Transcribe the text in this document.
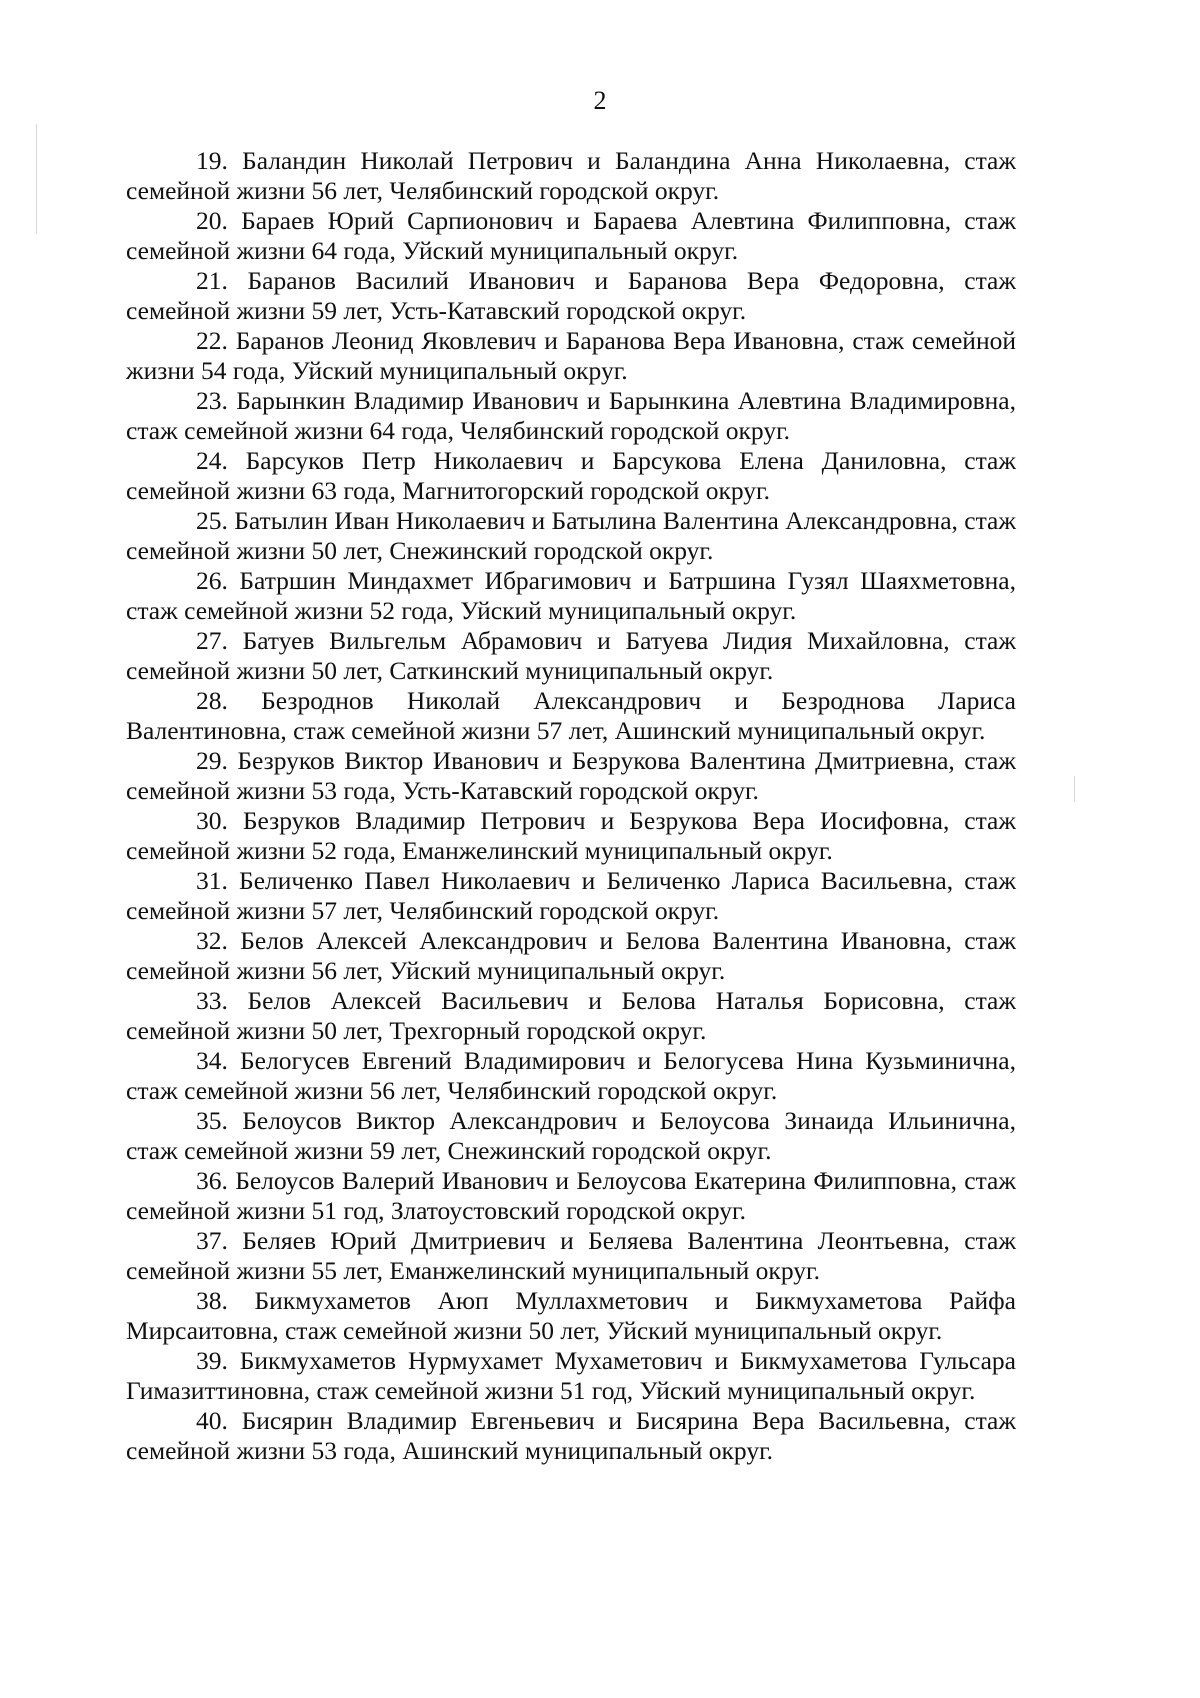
2

19. Баландин Николай Петрович и Баландина Анна Николаевна, стаж семейной жизни 56 лет, Челябинский городской округ.

20. Бараев Юрий Сарпионович и Бараева Алевтина Филипповна, стаж семейной жизни 64 года, Уйский муниципальный округ.

21. Баранов Василий Иванович и Баранова Вера Федоровна, стаж семейной жизни 59 лет, Усть-Катавский городской округ.

22. Баранов Леонид Яковлевич и Баранова Вера Ивановна, стаж семейной жизни 54 года, Уйский муниципальный округ.

23. Барынкин Владимир Иванович и Барынкина Алевтина Владимировна, стаж семейной жизни 64 года, Челябинский городской округ.

24. Барсуков Петр Николаевич и Барсукова Елена Даниловна, стаж семейной жизни 63 года, Магнитогорский городской округ.

25. Батылин Иван Николаевич и Батылина Валентина Александровна, стаж семейной жизни 50 лет, Снежинский городской округ.

26. Батршин Миндахмет Ибрагимович и Батршина Гузял Шаяхметовна, стаж семейной жизни 52 года, Уйский муниципальный округ.

27. Батуев Вильгельм Абрамович и Батуева Лидия Михайловна, стаж семейной жизни 50 лет, Саткинский муниципальный округ.

28. Безроднов Николай Александрович и Безроднова Лариса Валентиновна, стаж семейной жизни 57 лет, Ашинский муниципальный округ.

29. Безруков Виктор Иванович и Безрукова Валентина Дмитриевна, стаж семейной жизни 53 года, Усть-Катавский городской округ.

30. Безруков Владимир Петрович и Безрукова Вера Иосифовна, стаж семейной жизни 52 года, Еманжелинский муниципальный округ.

31. Беличенко Павел Николаевич и Беличенко Лариса Васильевна, стаж семейной жизни 57 лет, Челябинский городской округ.

32. Белов Алексей Александрович и Белова Валентина Ивановна, стаж семейной жизни 56 лет, Уйский муниципальный округ.

33. Белов Алексей Васильевич и Белова Наталья Борисовна, стаж семейной жизни 50 лет, Трехгорный городской округ.

34. Белогусев Евгений Владимирович и Белогусева Нина Кузьминична, стаж семейной жизни 56 лет, Челябинский городской округ.

35. Белоусов Виктор Александрович и Белоусова Зинаида Ильинична, стаж семейной жизни 59 лет, Снежинский городской округ.

36. Белоусов Валерий Иванович и Белоусова Екатерина Филипповна, стаж семейной жизни 51 год, Златоустовский городской округ.

37. Беляев Юрий Дмитриевич и Беляева Валентина Леонтьевна, стаж семейной жизни 55 лет, Еманжелинский муниципальный округ.

38. Бикмухаметов Аюп Муллахметович и Бикмухаметова Райфа Мирсаитовна, стаж семейной жизни 50 лет, Уйский муниципальный округ.

39. Бикмухаметов Нурмухамет Мухаметович и Бикмухаметова Гульсара Гимазиттиновна, стаж семейной жизни 51 год, Уйский муниципальный округ.

40. Бисярин Владимир Евгеньевич и Бисярина Вера Васильевна, стаж семейной жизни 53 года, Ашинский муниципальный округ.
